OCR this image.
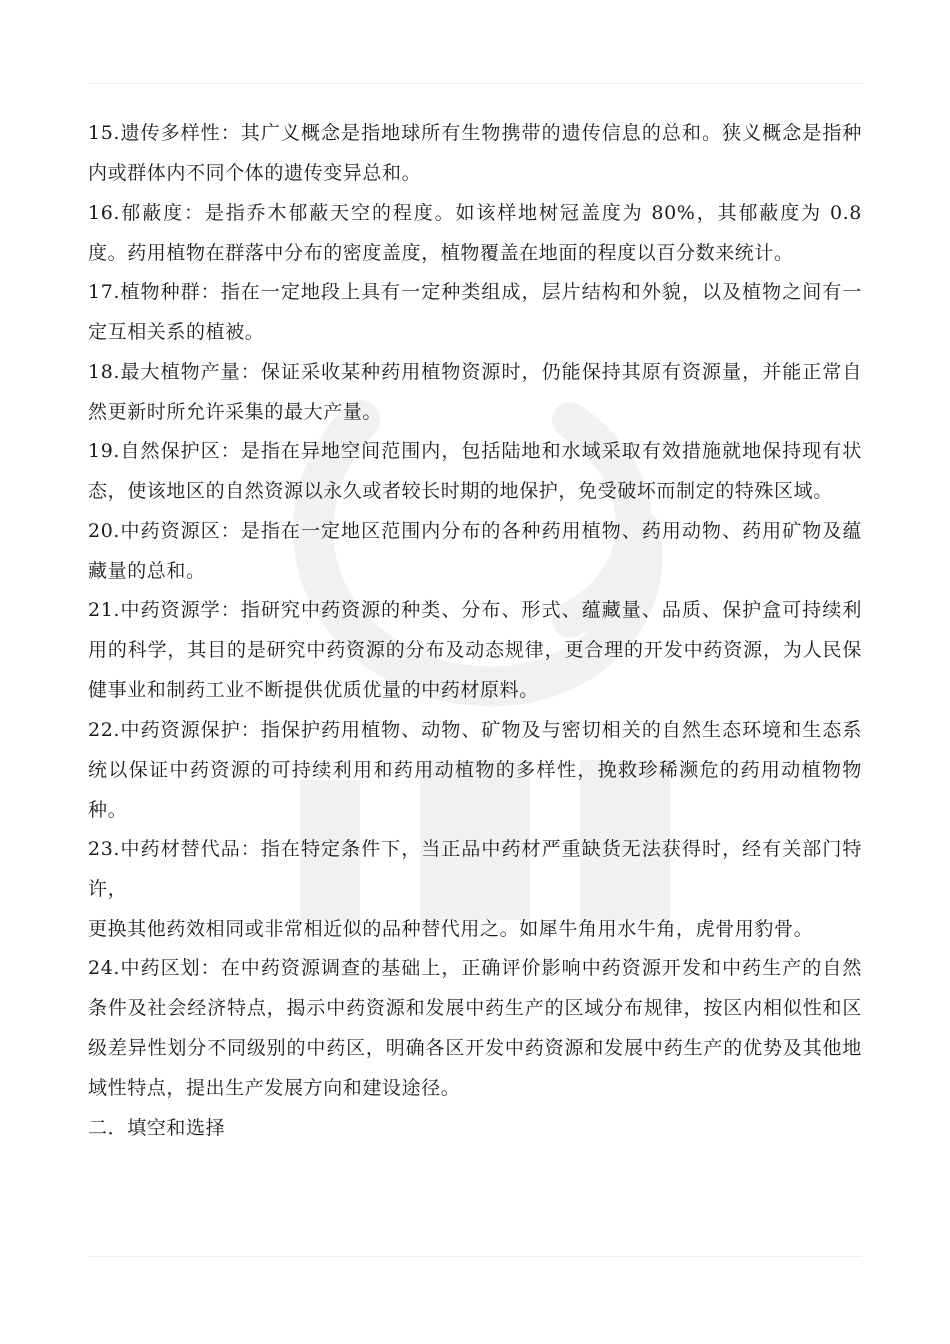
15.遗传多样性：其广义概念是指地球所有生物携带的遗传信息的总和。狭义概念是指种内或群体内不同个体的遗传变异总和。

16.郁蔽度：是指乔木郁蔽天空的程度。如该样地树冠盖度为 80%，其郁蔽度为 0.8 度。药用植物在群落中分布的密度盖度，植物覆盖在地面的程度以百分数来统计。

17.植物种群：指在一定地段上具有一定种类组成，层片结构和外貌，以及植物之间有一定互相关系的植被。

18.最大植物产量：保证采收某种药用植物资源时，仍能保持其原有资源量，并能正常自然更新时所允许采集的最大产量。

19.自然保护区：是指在异地空间范围内，包括陆地和水域采取有效措施就地保持现有状态，使该地区的自然资源以永久或者较长时期的地保护，免受破坏而制定的特殊区域。

20.中药资源区：是指在一定地区范围内分布的各种药用植物、药用动物、药用矿物及蕴藏量的总和。

21.中药资源学：指研究中药资源的种类、分布、形式、蕴藏量、品质、保护盒可持续利用的科学，其目的是研究中药资源的分布及动态规律，更合理的开发中药资源，为人民保健事业和制药工业不断提供优质优量的中药材原料。

22.中药资源保护：指保护药用植物、动物、矿物及与密切相关的自然生态环境和生态系统以保证中药资源的可持续利用和药用动植物的多样性，挽救珍稀濒危的药用动植物物种。

23.中药材替代品：指在特定条件下，当正品中药材严重缺货无法获得时，经有关部门特许，

更换其他药效相同或非常相近似的品种替代用之。如犀牛角用水牛角，虎骨用豹骨。

24.中药区划：在中药资源调查的基础上，正确评价影响中药资源开发和中药生产的自然条件及社会经济特点，揭示中药资源和发展中药生产的区域分布规律，按区内相似性和区级差异性划分不同级别的中药区，明确各区开发中药资源和发展中药生产的优势及其他地域性特点，提出生产发展方向和建设途径。

二．填空和选择
